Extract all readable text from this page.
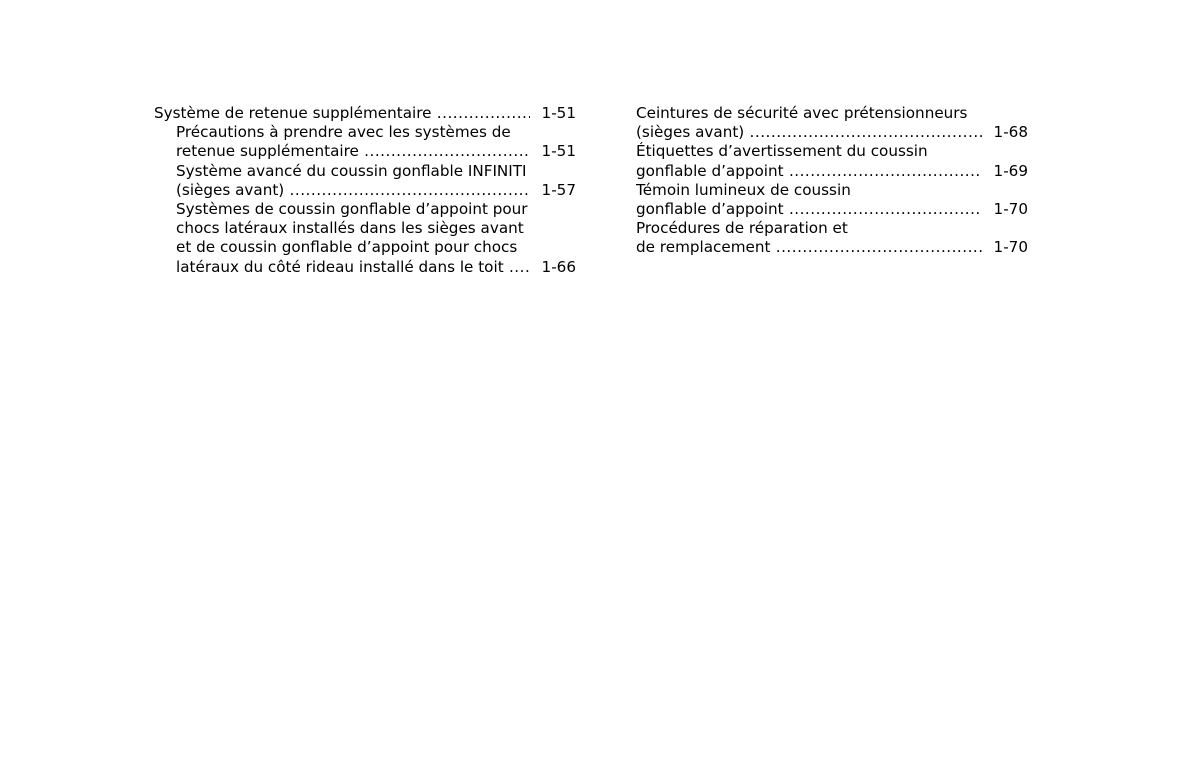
Système de retenue supplémentaire .....	1-51
Précautions à prendre avec les systèmes de
retenue supplémentaire .....	1-51
Système avancé du coussin gonflable INFINITI
(sièges avant) .....	1-57
Systèmes de coussin gonflable d’appoint pour
chocs latéraux installés dans les sièges avant
et de coussin gonflable d’appoint pour chocs
latéraux du côté rideau installé dans le toit .....	1-66
Ceintures de sécurité avec prétensionneurs
(sièges avant) .....	1-68
Étiquettes d’avertissement du coussin
gonflable d’appoint .....	1-69
Témoin lumineux de coussin
gonflable d’appoint .....	1-70
Procédures de réparation et
de remplacement .....	1-70
